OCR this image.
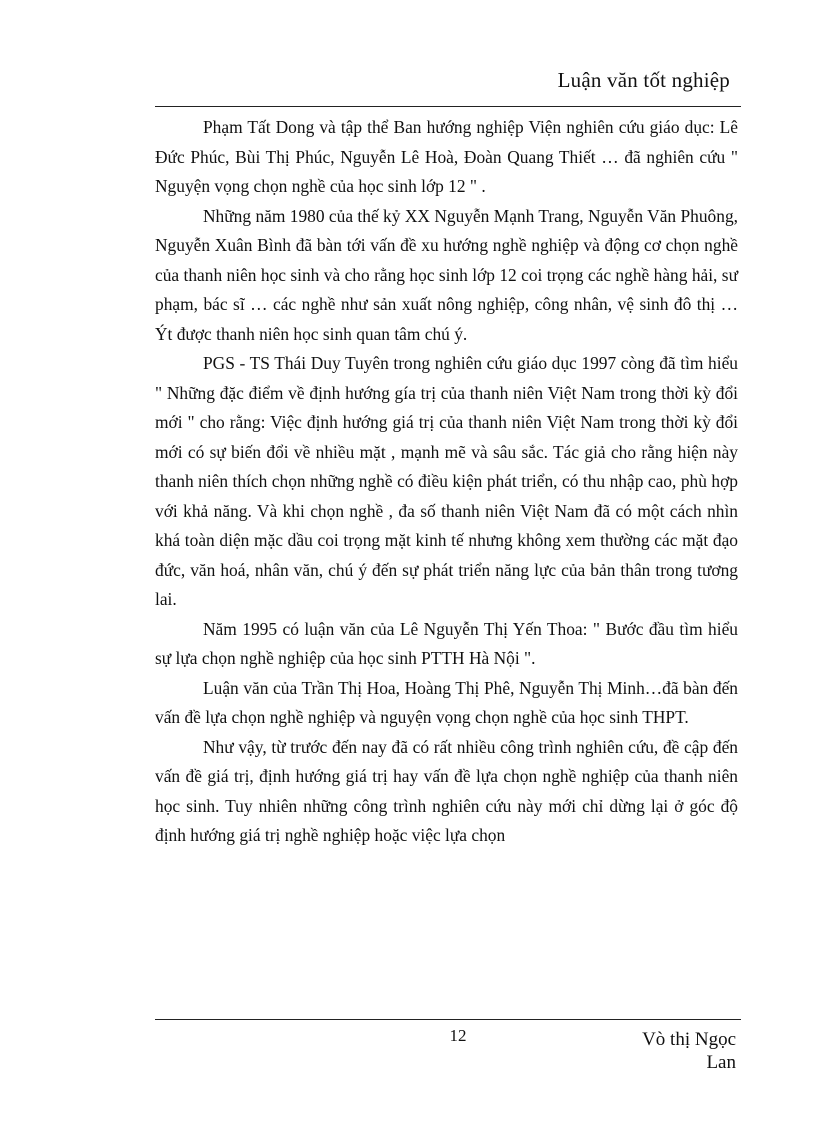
Luận văn tốt nghiệp

Phạm Tất Dong và tập thể Ban hướng nghiệp Viện nghiên cứu giáo dục: Lê Đức Phúc, Bùi Thị Phúc, Nguyễn Lê Hoà, Đoàn Quang Thiết … đã nghiên cứu " Nguyện vọng chọn nghề của học sinh lớp 12 " .

Những năm 1980 của thế kỷ XX Nguyễn Mạnh Trang, Nguyễn Văn Phuông, Nguyễn Xuân Bình đã bàn tới vấn đề xu hướng nghề nghiệp và động cơ chọn nghề của thanh niên học sinh và cho rằng học sinh lớp 12 coi trọng các nghề hàng hải, sư phạm, bác sĩ … các nghề như sản xuất nông nghiệp, công nhân, vệ sinh đô thị … Ýt được thanh niên học sinh quan tâm chú ý.

PGS - TS Thái Duy Tuyên trong nghiên cứu giáo dục 1997 còng đã tìm hiểu " Những đặc điểm về định hướng gía trị của thanh niên Việt Nam trong thời kỳ đổi mới " cho rằng: Việc định hướng giá trị của thanh niên Việt Nam trong thời kỳ đổi mới có sự biến đổi về nhiều mặt , mạnh mẽ và sâu sắc. Tác giả cho rằng hiện này thanh niên thích chọn những nghề có điều kiện phát triển, có thu nhập cao, phù hợp với khả năng. Và khi chọn nghề , đa số thanh niên Việt Nam đã có một cách nhìn khá toàn diện mặc dầu coi trọng mặt kinh tế nhưng không xem thường các mặt đạo đức, văn hoá, nhân văn, chú ý đến sự phát triển năng lực của bản thân trong tương lai.

Năm 1995 có luận văn của Lê Nguyễn Thị Yến Thoa: " Bước đầu tìm hiểu sự lựa chọn nghề nghiệp của học sinh PTTH Hà Nội ".

Luận văn của Trần Thị Hoa, Hoàng Thị Phê, Nguyễn Thị Minh…đã bàn đến vấn đề lựa chọn nghề nghiệp và nguyện vọng chọn nghề của học sinh THPT.

Như vậy, từ trước đến nay đã có rất nhiều công trình nghiên cứu, đề cập đến vấn đề giá trị, định hướng giá trị hay vấn đề lựa chọn nghề nghiệp của thanh niên học sinh. Tuy nhiên những công trình nghiên cứu này mới chỉ dừng lại ở góc độ định hướng giá trị nghề nghiệp hoặc việc lựa chọn

12	Vò thị Ngọc
Lan
